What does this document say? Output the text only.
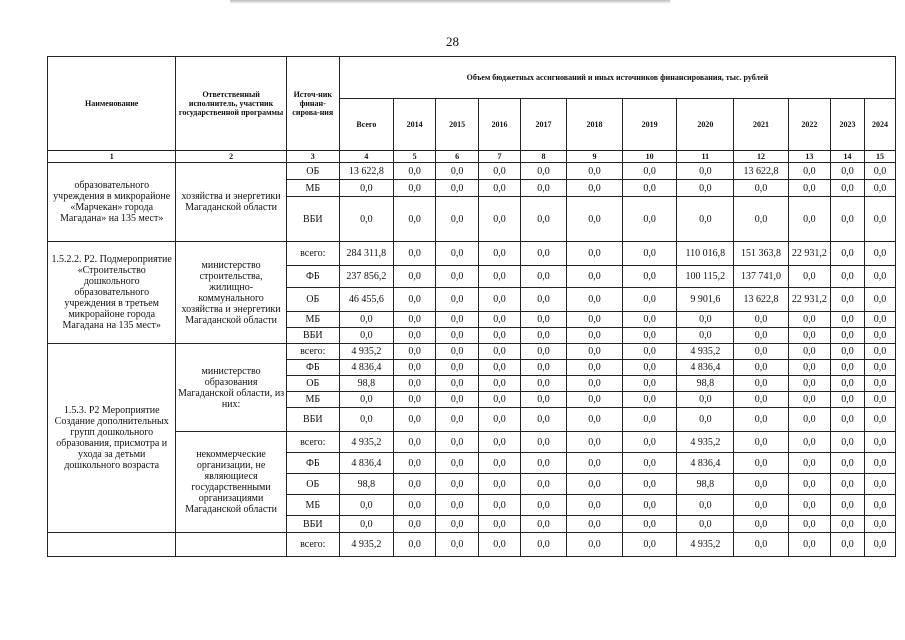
28
Наименование	Ответственный исполнитель, участник государственной программы	Источ-ник финан-сирова-ния	Объем бюджетных ассигнований и иных источников финансирования, тыс. рублей											
			Всего	2014	2015	2016	2017	2018	2019	2020	2021	2022	2023	2024
1	2	3	4	5	6	7	8	9	10	11	12	13	14	15
образовательного учреждения в микрорайоне «Марчекан» города Магадана» на 135 мест»	хозяйства и энергетики Магаданской области	ОБ	13 622,8	0,0	0,0	0,0	0,0	0,0	0,0	0,0	13 622,8	0,0	0,0	0,0
		МБ	0,0	0,0	0,0	0,0	0,0	0,0	0,0	0,0	0,0	0,0	0,0	0,0
		ВБИ	0,0	0,0	0,0	0,0	0,0	0,0	0,0	0,0	0,0	0,0	0,0	0,0
1.5.2.2. Р2. Подмероприятие «Строительство дошкольного образовательного учреждения в третьем микрорайоне города Магадана на 135 мест»	министерство строительства, жилищно-коммунального хозяйства и энергетики Магаданской области	всего:	284 311,8	0,0	0,0	0,0	0,0	0,0	0,0	110 016,8	151 363,8	22 931,2	0,0	0,0
		ФБ	237 856,2	0,0	0,0	0,0	0,0	0,0	0,0	100 115,2	137 741,0	0,0	0,0	0,0
		ОБ	46 455,6	0,0	0,0	0,0	0,0	0,0	0,0	9 901,6	13 622,8	22 931,2	0,0	0,0
		МБ	0,0	0,0	0,0	0,0	0,0	0,0	0,0	0,0	0,0	0,0	0,0	0,0
		ВБИ	0,0	0,0	0,0	0,0	0,0	0,0	0,0	0,0	0,0	0,0	0,0	0,0
1.5.3. Р2 Мероприятие Создание дополнительных групп дошкольного образования, присмотра и ухода за детьми дошкольного возраста	министерство образования Магаданской области, из них:	всего:	4 935,2	0,0	0,0	0,0	0,0	0,0	0,0	4 935,2	0,0	0,0	0,0	0,0
		ФБ	4 836,4	0,0	0,0	0,0	0,0	0,0	0,0	4 836,4	0,0	0,0	0,0	0,0
		ОБ	98,8	0,0	0,0	0,0	0,0	0,0	0,0	98,8	0,0	0,0	0,0	0,0
		МБ	0,0	0,0	0,0	0,0	0,0	0,0	0,0	0,0	0,0	0,0	0,0	0,0
		ВБИ	0,0	0,0	0,0	0,0	0,0	0,0	0,0	0,0	0,0	0,0	0,0	0,0
	некоммерческие организации, не являющиеся государственными организациями Магаданской области	всего:	4 935,2	0,0	0,0	0,0	0,0	0,0	0,0	4 935,2	0,0	0,0	0,0	0,0
		ФБ	4 836,4	0,0	0,0	0,0	0,0	0,0	0,0	4 836,4	0,0	0,0	0,0	0,0
		ОБ	98,8	0,0	0,0	0,0	0,0	0,0	0,0	98,8	0,0	0,0	0,0	0,0
		МБ	0,0	0,0	0,0	0,0	0,0	0,0	0,0	0,0	0,0	0,0	0,0	0,0
		ВБИ	0,0	0,0	0,0	0,0	0,0	0,0	0,0	0,0	0,0	0,0	0,0	0,0
		всего:	4 935,2	0,0	0,0	0,0	0,0	0,0	0,0	4 935,2	0,0	0,0	0,0	0,0
